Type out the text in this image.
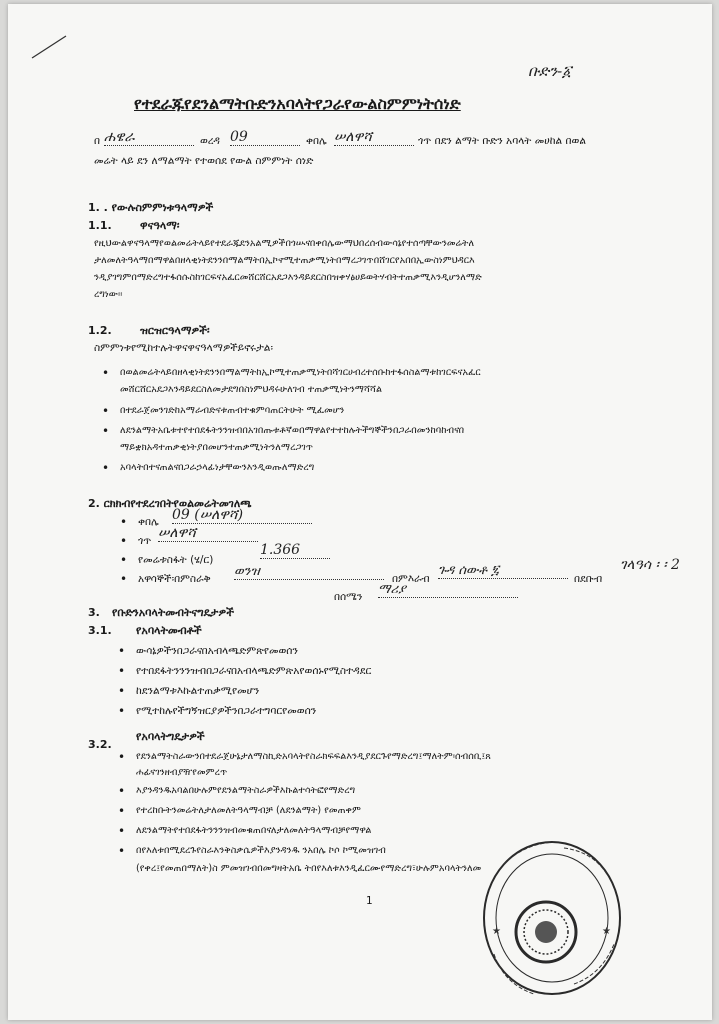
ቡድን-፩
የተደራጁየደንልማትቡድንአባላትየጋራየውልስምምነትሰነድ
በ ሐዌራ	ወረዳ 09	ቀበሌ ሠለዋሻ	ጎጥ በደን ልማት ቡድን አባላት መሀከል በወል
መሬት ላይ ደን ለማልማት የተወሰደ የውል ስምምነት ሰነድ
1. . የውሉስምምነቱዓላማዎች
1.1.	ዋናዓላማ፡
የዚህውልዋናዓላማየወልመሬትላይየተደራጁደንአልሚዎችበጎሡናበቀበሌውማህበረሰብውሳኔየተሰጣቸውንመሬትለ
ታለመለትዓላማበማዋልበዘላቂነትደንንበማልማትበኢኮኖሚተጠቃሚነትበማረጋገጥበሸገርየአበበኢውስነምህዳርእ
ንዲያገግምበማድረግተፋሰሱስከገርፍናአፈርመሸርሸርአደጋእንዳይደርስበዝቀሃፅሀይወትሃብትተጠቃሚእንዲሆንለማድ
ረግነው፡፡
1.2.	ዝርዝርዓላማዎች፡
ስምምነቱየሚከተሉትዋናዋናዓላማዎችይኖሩታል፡
• በወልመሬትላይበዘላቂነትደንንበማልማትከኢኮሚተጠቃሚነትበሻገርሀብረተሰቡከተፋሰስልማቱከገርፍናአፈር
መሸርሸርአደጋእንዳይደርስለመታደግበስነምህዳሩሁለገብ ተጠቃሚነትንማሻሻል
• በተደራጀመንገድከአማራብድናቱጠብተቁምባጠርትሁት ሚፈመሆን
• ለደንልማትአቤቱተየተበደፋትንንዝብበአገበጡቱቶኛወበማዋልየተተከሉትችግኞችንበጋራበመንከባከብናበ
ማይቋክአዳተጠቃቂነትያበመሆንተጠቃሚነትንለማረጋገጥ
• አባላትበተናጠልናበጋራኃላፊነታቸውንእንዲወጡለማድረግ
2. ርክክብየተደረገበትየወልመሬትመገለጫ
• ቀበሌ 09 (ሠለዋሻ)
• ጎጥ ሠለዋሻ
• የመሬቱስፋት (ሄ/ር)
1.366
• አዋሳኞች፡በምስራቅ ወንዝ	በምእራብ
ጉዳ ሰውቶ ፯
በደቡብ
ገላዓሳ ፡ ፡ 2
በሰሜን ማሪያ
3. የቡድንአባላትመብትናግዴታዎች
3.1. የአባላትመብቶች
• ውሳኔዎችንበጋራናበአብላጫድምጽየመወሰን
• የተበደፋትንንንዝብበጋራናበአብላጫድምጽአየወሰኑየሚስተዳደር
• ከደንልማቱእኩልተጠቃሚየመሆን
• የሚተከሉየችግኝዝርያዎችንበጋራተግባርየመወሰን
3.2.
የአባላትግዴታዎች
• የደንልማትስራውንበተደራጀሁኔታለማስኪድአባላትየስራክፍፍልእንዲያደርጉየማድረግ፤ማለትም፡ሰብሰቢ፤ጸ
ሐፊናገንዘብያዥየመምረጥ
• እያንዳንዱአባልበሁሉምየደንልማትስራዎችእኩልተሳትፎየማድረግ
• የተረከቡትንመሬትለታለመለትዓላማብቻ (ለደንልማት) የመጠቀም
• ለደንልማትየተበደፋትንንንዝብመቁጠበናለታለመለትዓላማብቻየማዋል
• በየእለቱበሚደረጉየስራእንቅስቃሴዎችእያንዳንዱ ንአበሌ ኮሶ ኮሚመዝገብ
(የቀረ፤የመጠበማለት)ስ ምመዝገብበመግዛትአቤ ትበየእለቱእንዲፈርሙየማድረግ፣ሁሉምአባላትንለመ
1
★	★
